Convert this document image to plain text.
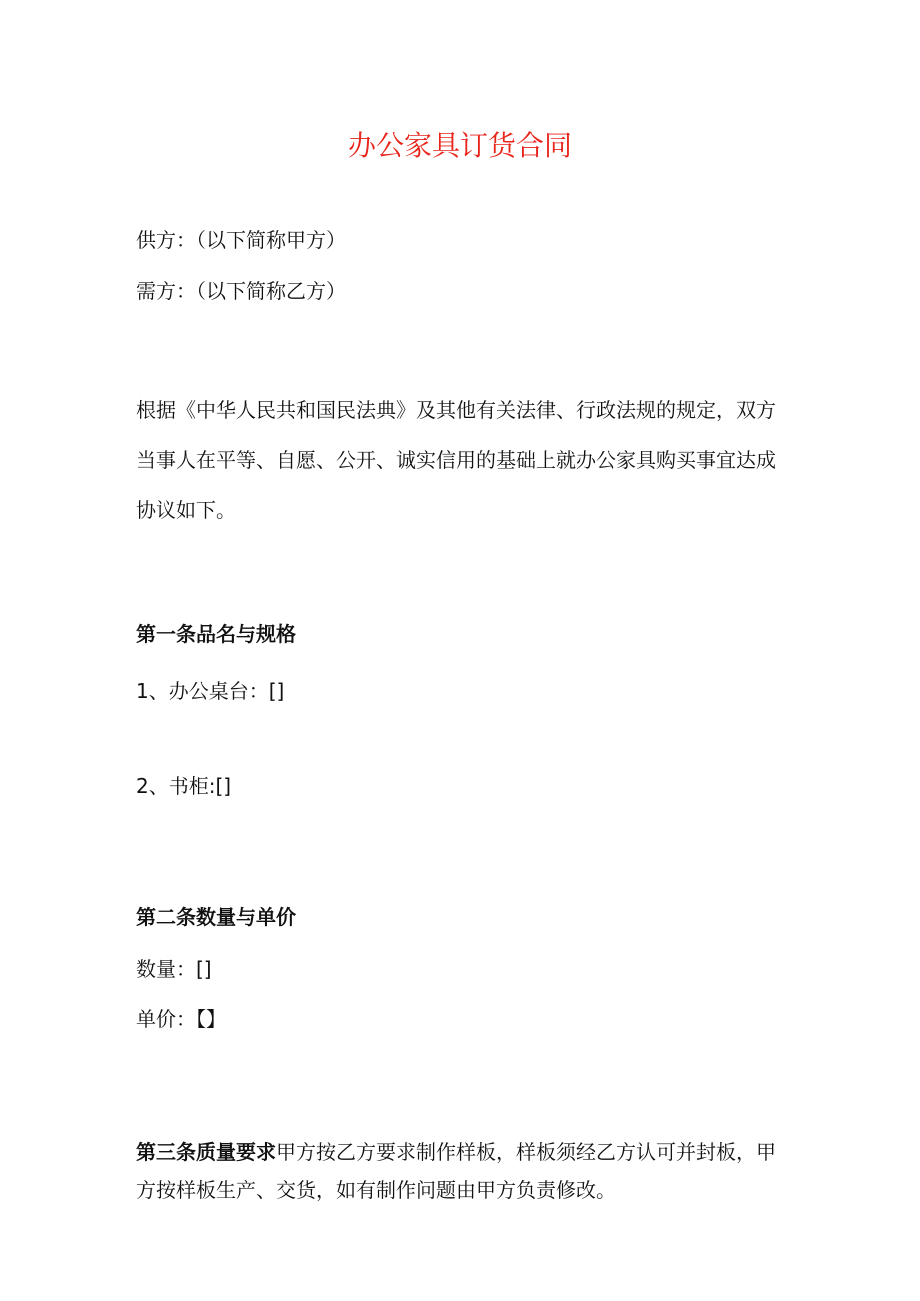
办公家具订货合同
供方：（以下简称甲方）
需方：（以下简称乙方）
根据《中华人民共和国民法典》及其他有关法律、行政法规的规定，双方
当事人在平等、自愿、公开、诚实信用的基础上就办公家具购买事宜达成
协议如下。
第一条品名与规格
1、办公桌台：[]
2、书柜:[]
第二条数量与单价
数量：[]
单价：【】
第三条质量要求甲方按乙方要求制作样板，样板须经乙方认可并封板，甲
方按样板生产、交货，如有制作问题由甲方负责修改。
